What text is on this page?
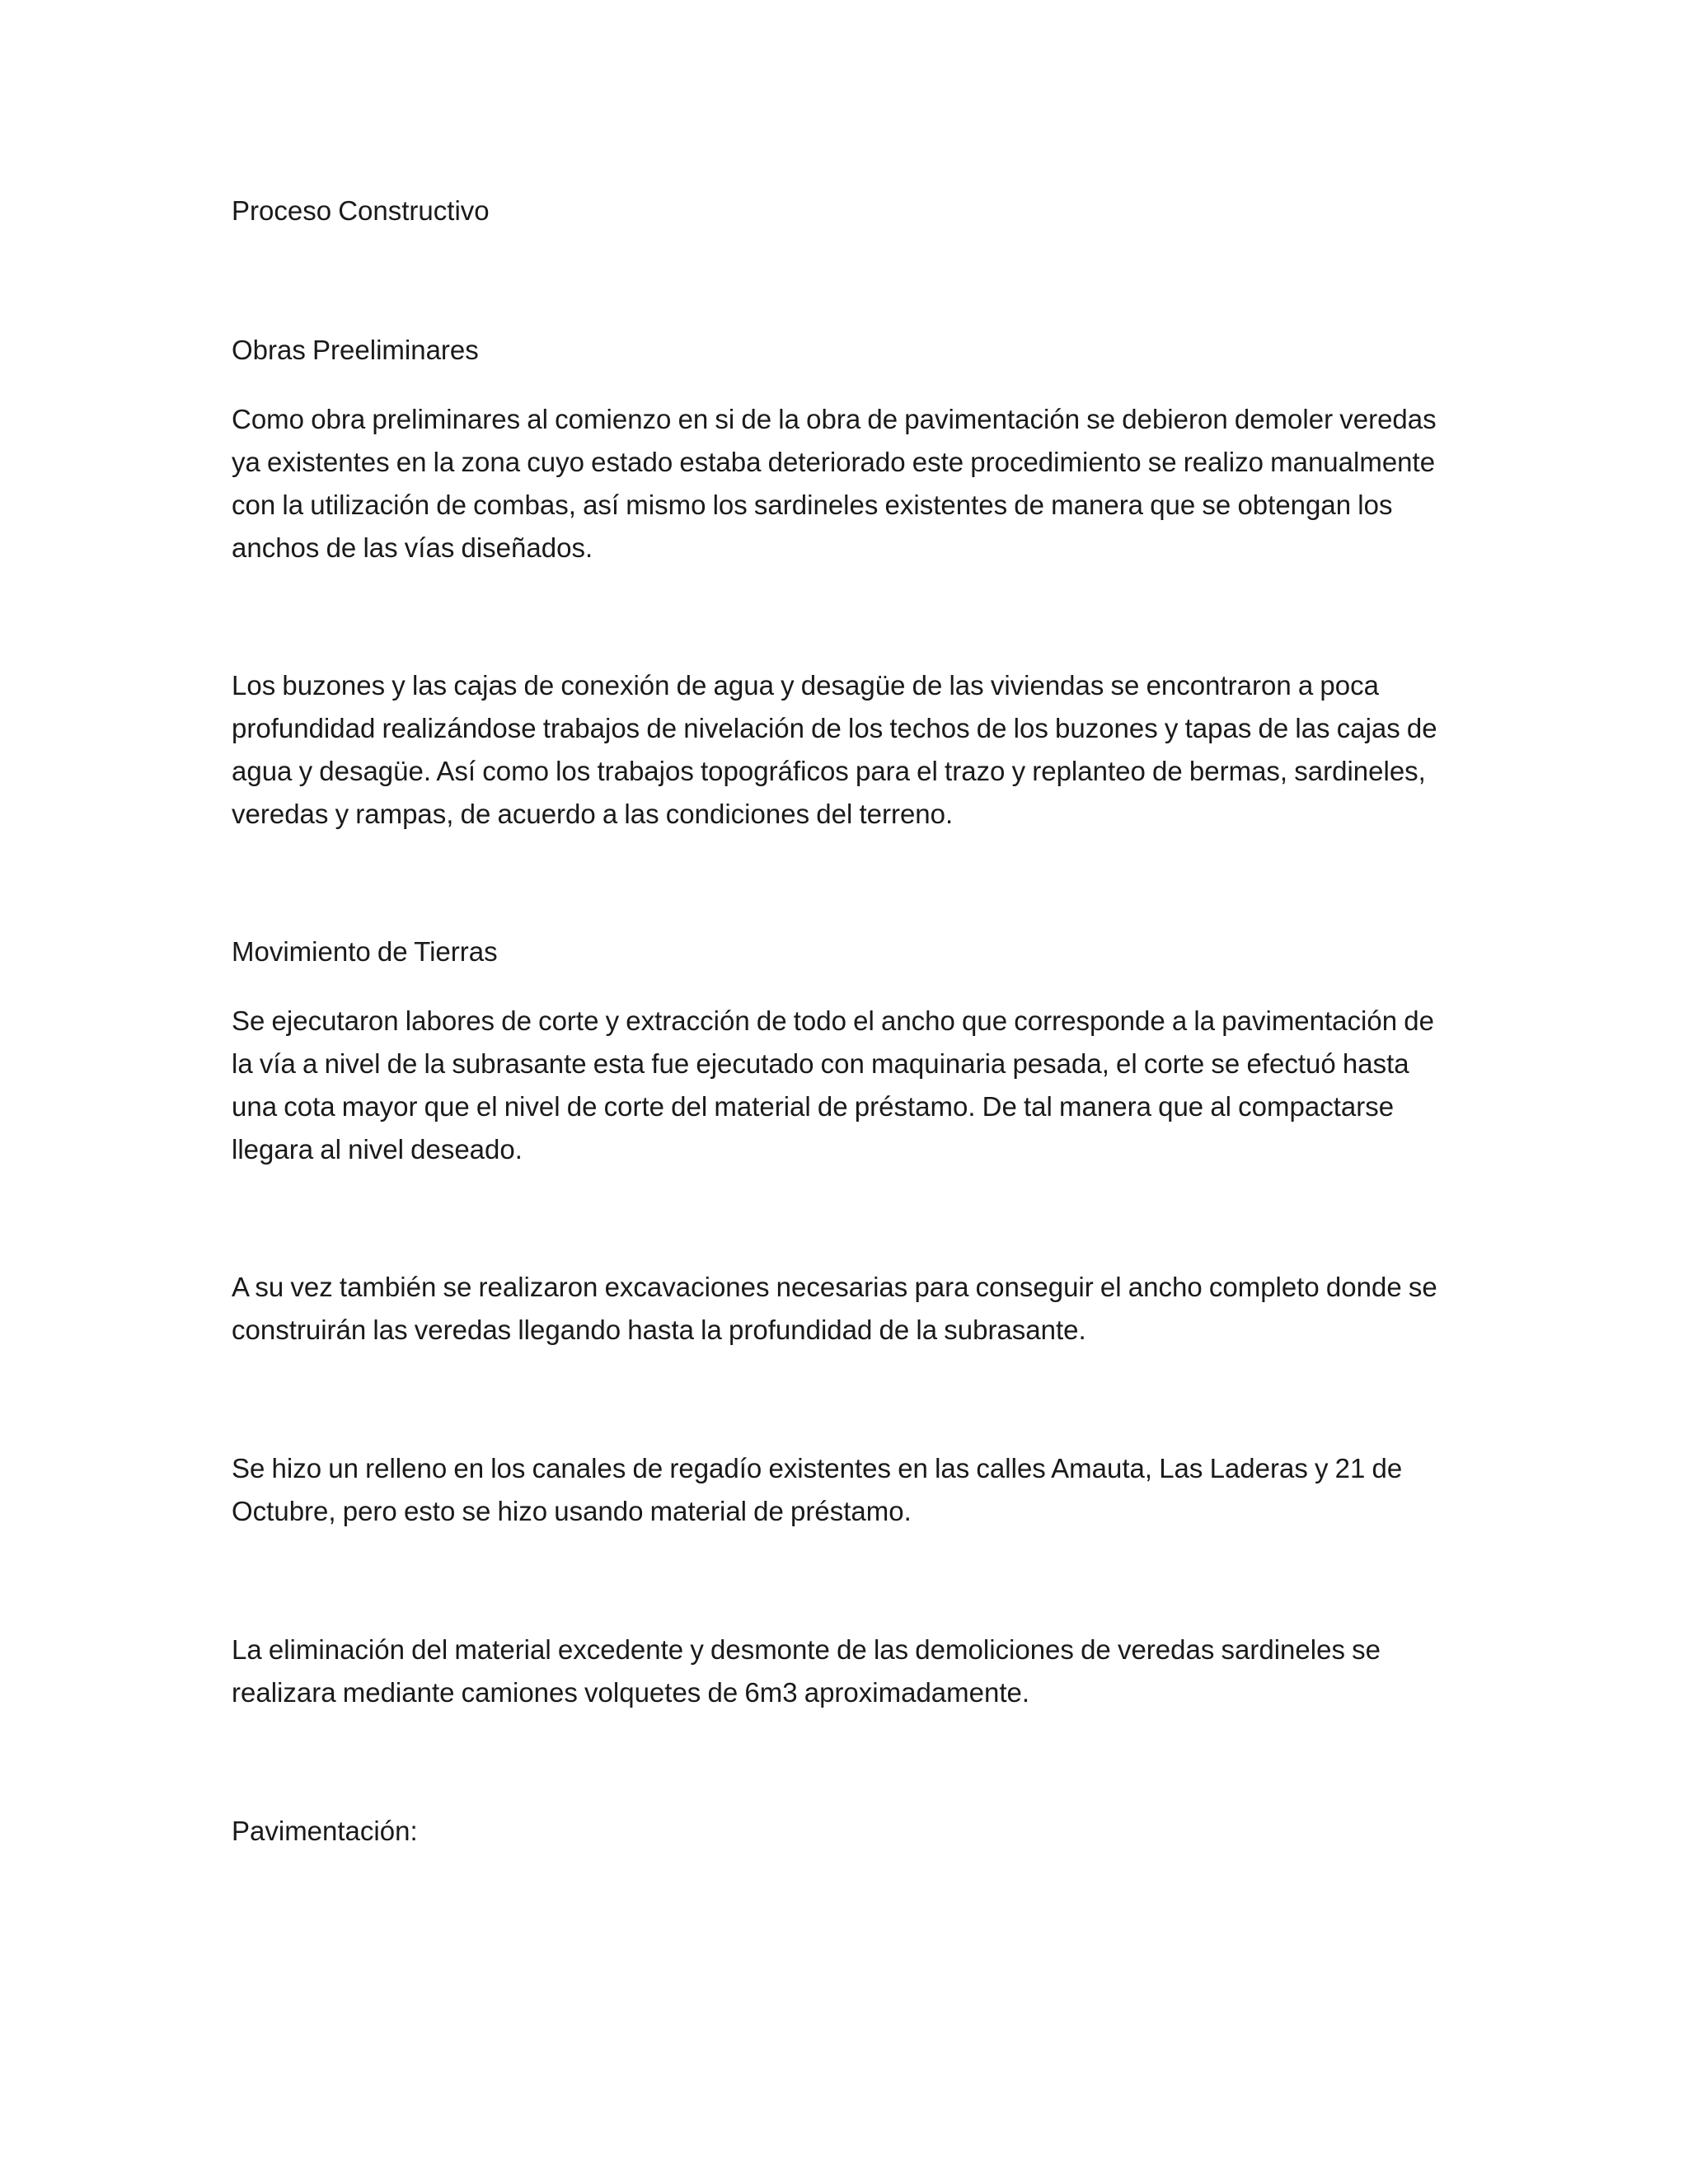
Proceso Constructivo

Obras Preeliminares

Como obra preliminares al comienzo en si de la obra de pavimentación se debieron demoler veredas ya existentes en la zona cuyo estado estaba deteriorado este procedimiento se realizo manualmente con la utilización de combas, así mismo los sardineles existentes de manera que se obtengan los anchos de las vías diseñados.

Los buzones y las cajas de conexión de agua y desagüe de las viviendas se encontraron a poca profundidad realizándose trabajos de nivelación de los techos de los buzones y tapas de las cajas de agua y desagüe. Así como los trabajos topográficos para el trazo y replanteo de bermas, sardineles, veredas y rampas, de acuerdo a las condiciones del terreno.

Movimiento de Tierras

Se ejecutaron labores de corte y extracción de todo el ancho que corresponde a la pavimentación de la vía a nivel de la subrasante esta fue ejecutado con maquinaria pesada, el corte se efectuó hasta una cota mayor que el nivel de corte del material de préstamo. De tal manera que al compactarse llegara al nivel deseado.

A su vez también se realizaron excavaciones necesarias para conseguir el ancho completo donde se construirán las veredas llegando hasta la profundidad de la subrasante.

Se hizo un relleno en los canales de regadío existentes en las calles Amauta, Las Laderas y 21 de Octubre, pero esto se hizo usando material de préstamo.

La eliminación del material excedente y desmonte de las demoliciones de veredas sardineles se realizara mediante camiones volquetes de 6m3 aproximadamente.

Pavimentación:
